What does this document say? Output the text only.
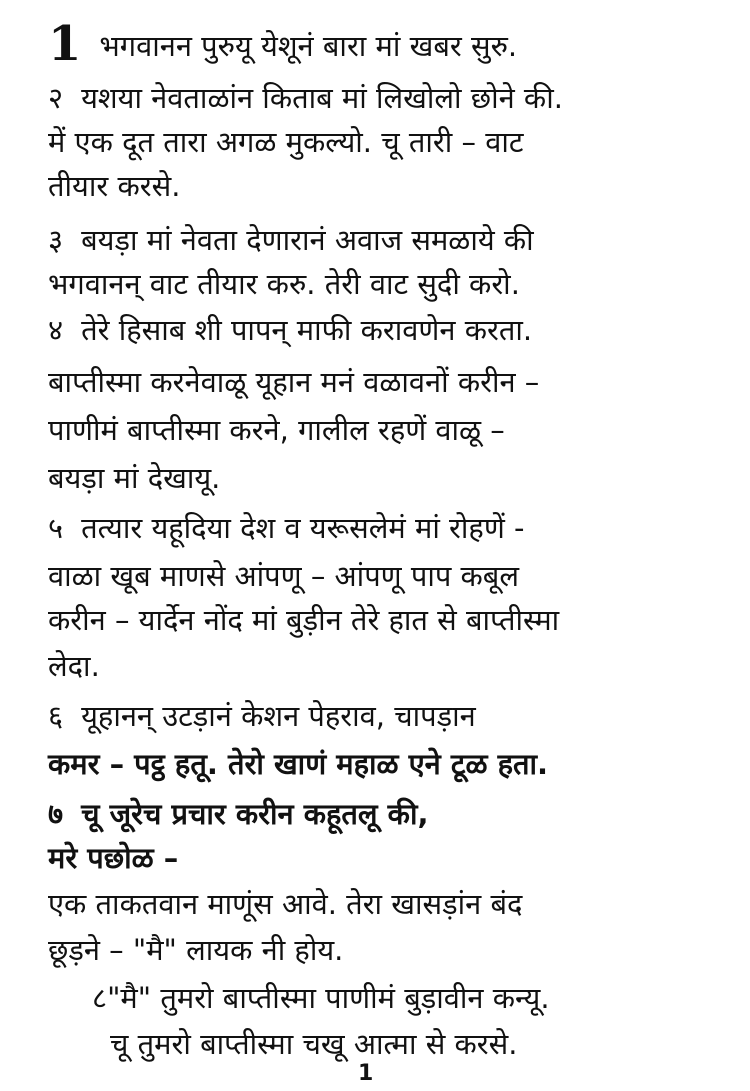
1 भगवानन पुरुयू येशूनं बारा मां खबर सुरु.
२ यशया नेवताळांन किताब मां लिखोलो छोने की.
में एक दूत तारा अगळ मुकल्यो. चू तारी – वाट
तीयार करसे.
३ बयड़ा मां नेवता देणारानं अवाज समळाये की
भगवानन् वाट तीयार करु. तेरी वाट सुदी करो.
४ तेरे हिसाब शी पापन् माफी करावणेन करता.
बाप्तीस्मा करनेवाळू यूहान मनं वळावनों करीन –
पाणीमं बाप्तीस्मा करने, गालील रहणें वाळू –
बयड़ा मां देखायू.
५ तत्यार यहूदिया देश व यरूसलेमं मां रोहणें -
वाळा खूब माणसे आंपणू – आंपणू पाप कबूल
करीन – यार्देन नोंद मां बुड़ीन तेरे हात से बाप्तीस्मा
लेदा.
६ यूहानन् उटड़ानं केशन पेहराव, चापड़ान
कमर – पट्ठ हतू. तेरो खाणं महाळ एने टूळ हता.
७ चू जूरेच प्रचार करीन कहूतलू की,
मरे पछोळ –
एक ताकतवान माणूंस आवे. तेरा खासड़ांन बंद
छूड़ने – "मै" लायक नी होय.
८"मै" तुमरो बाप्तीस्मा पाणीमं बुड़ावीन कन्यू.
चू तुमरो बाप्तीस्मा चखू आत्मा से करसे.
1
